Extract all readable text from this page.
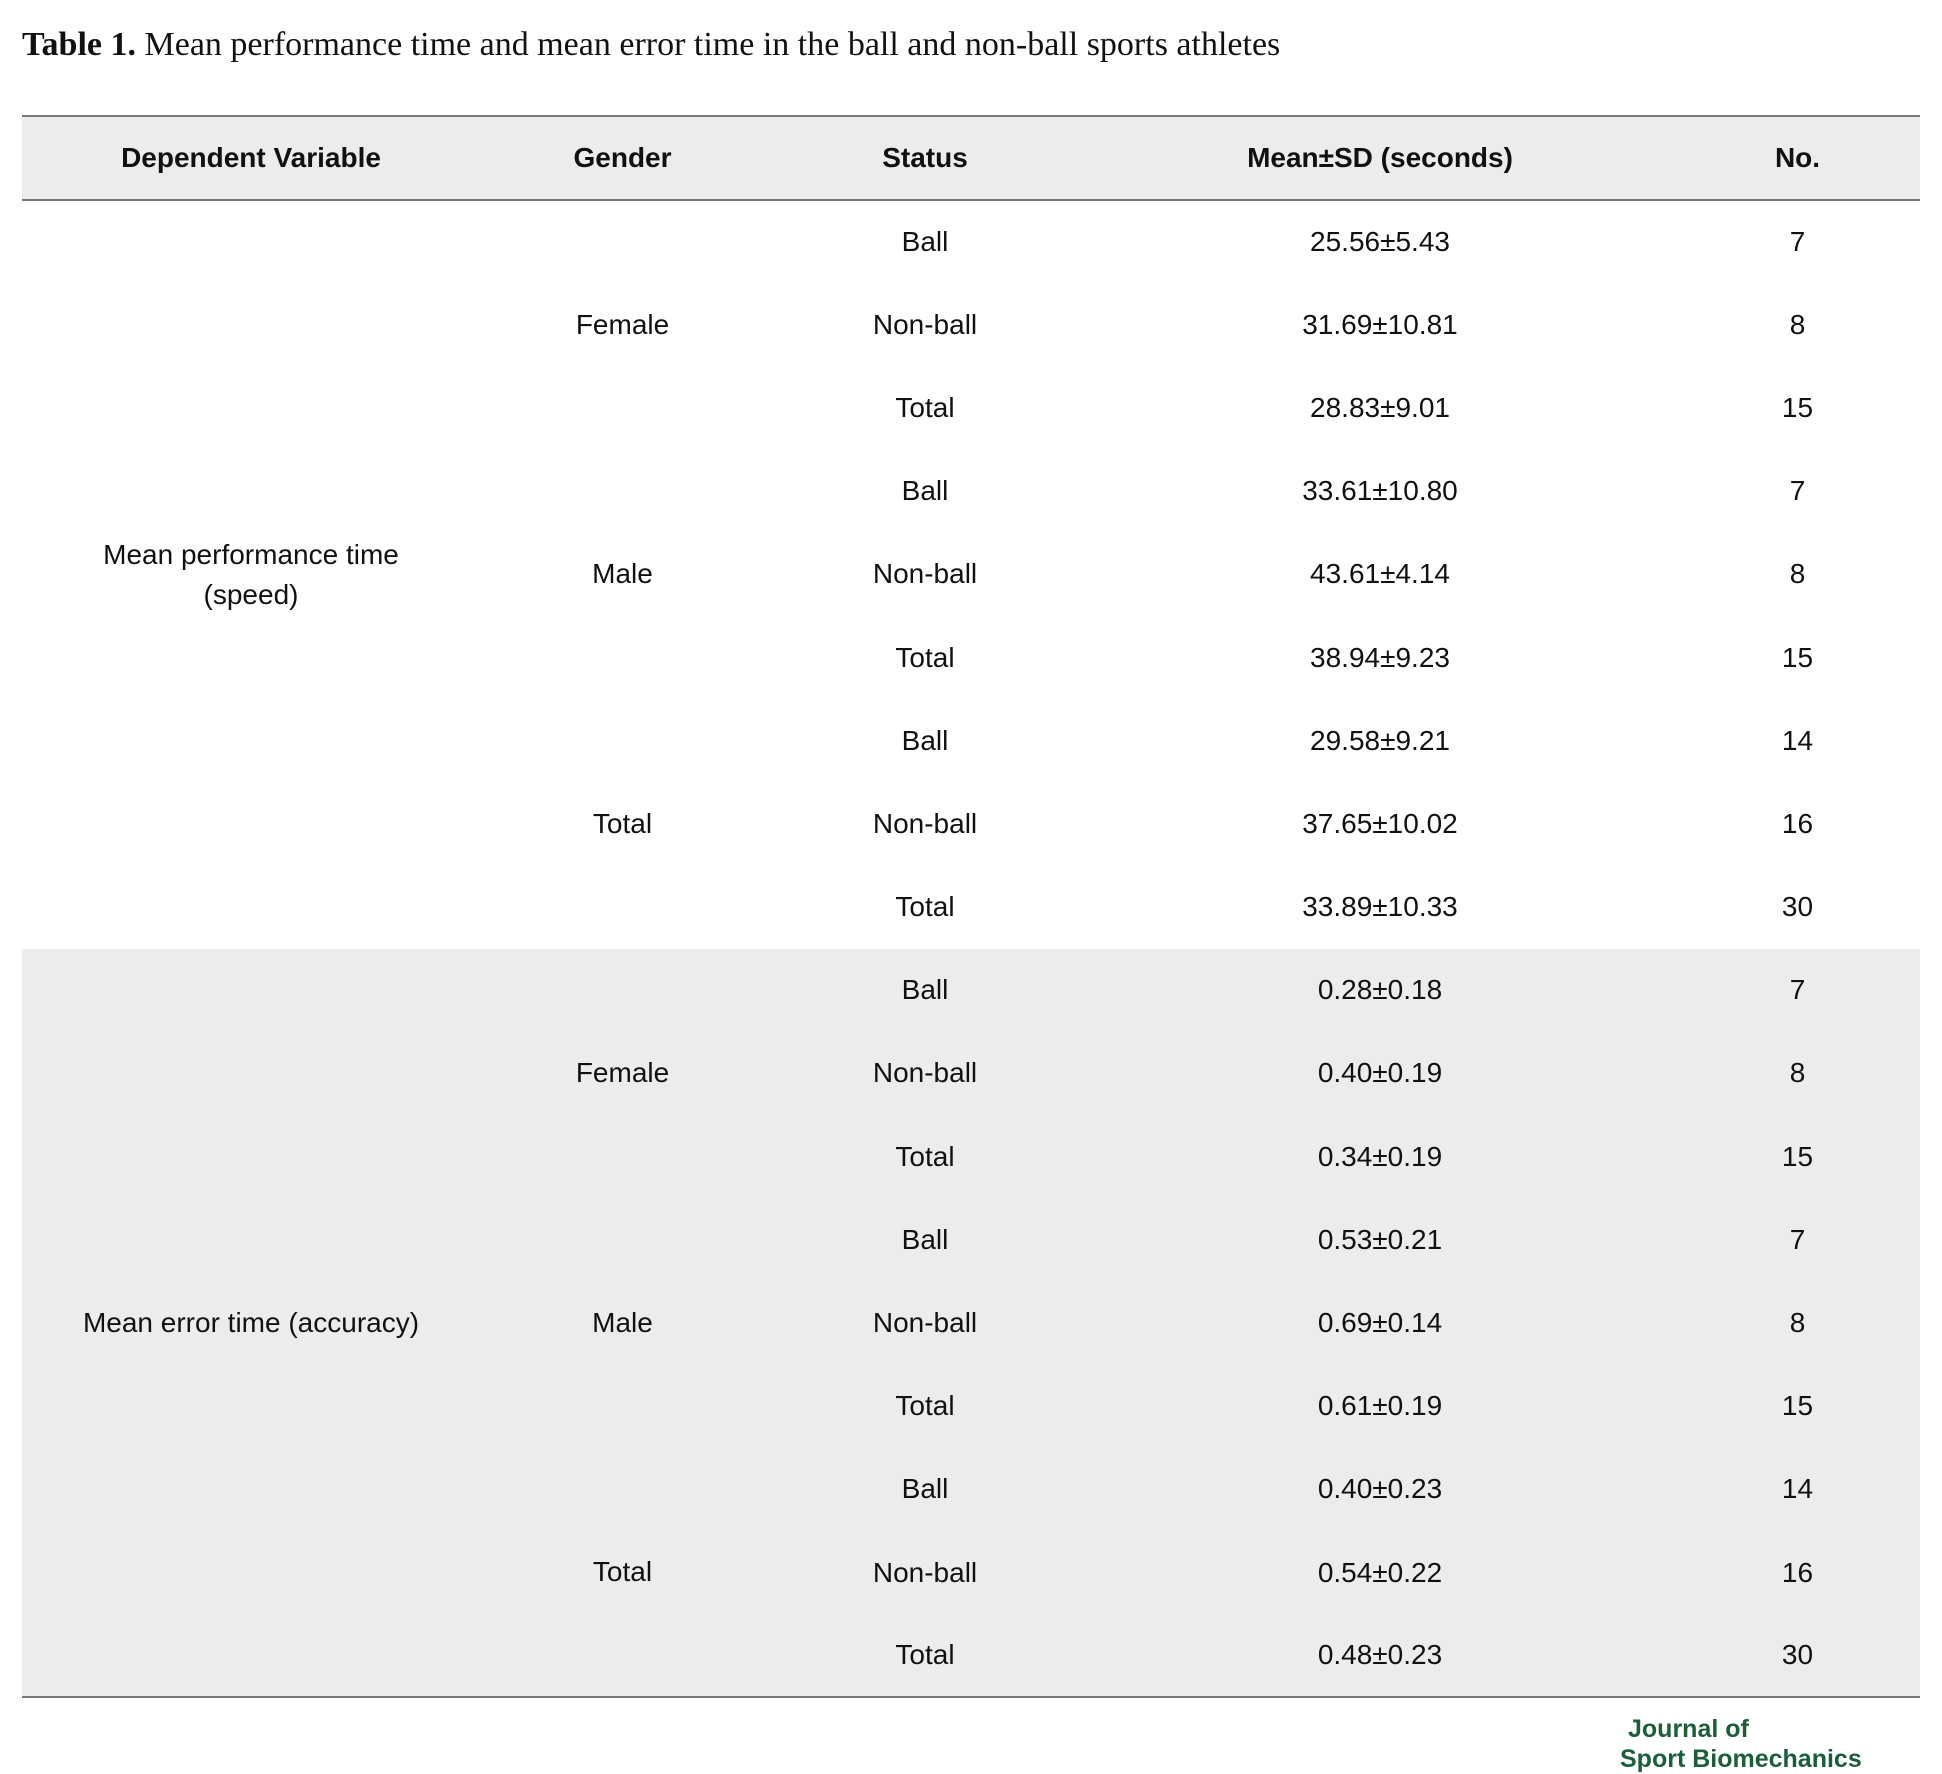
Table 1. Mean performance time and mean error time in the ball and non-ball sports athletes
Dependent Variable	Gender	Status	Mean±SD (seconds)	No.
Mean performance time (speed)	Female	Ball	25.56±5.43	7
		Non-ball	31.69±10.81	8
		Total	28.83±9.01	15
	Male	Ball	33.61±10.80	7
		Non-ball	43.61±4.14	8
		Total	38.94±9.23	15
	Total	Ball	29.58±9.21	14
		Non-ball	37.65±10.02	16
		Total	33.89±10.33	30
Mean error time (accuracy)	Female	Ball	0.28±0.18	7
		Non-ball	0.40±0.19	8
		Total	0.34±0.19	15
	Male	Ball	0.53±0.21	7
		Non-ball	0.69±0.14	8
		Total	0.61±0.19	15
	Total	Ball	0.40±0.23	14
		Non-ball	0.54±0.22	16
		Total	0.48±0.23	30
Journal of
Sport Biomechanics
